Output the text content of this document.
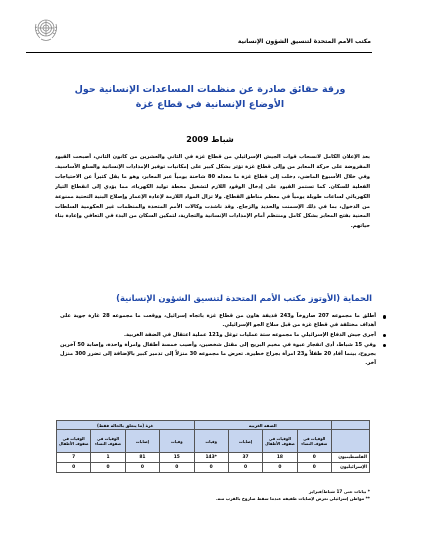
مكتب الأمم المتحدة لتنسيق الشؤون الإنسانية
ورقة حقائق صادرة عن منظمات المساعدات الإنسانية حول الأوضاع الإنسانية في قطاع غزة
شباط 2009
بعد الإعلان الكامل لانسحاب قوات الجيش الإسرائيلي من قطاع غزة في الثاني والعشرين من كانون الثاني، أصبحت القيود المفروضة على حركة المعابر من وإلى قطاع غزة تؤثر بشكل كبير على إمكانيات توفير الإمدادات الإنسانية والسلع الأساسية. وفي خلال الأسبوع الماضي، دخلت إلى قطاع غزة ما معدله 80 شاحنة يومياً عبر المعابر، وهو ما يقل كثيراً عن الاحتياجات الفعلية للسكان. كما تستمر القيود على إدخال الوقود اللازم لتشغيل محطة توليد الكهرباء، مما يؤدي إلى انقطاع التيار الكهربائي لساعات طويلة يومياً في معظم مناطق القطاع. ولا تزال المواد اللازمة لإعادة الإعمار وإصلاح البنية التحتية ممنوعة من الدخول، بما في ذلك الإسمنت والحديد والزجاج. وقد ناشدت وكالات الأمم المتحدة والمنظمات غير الحكومية السلطات المعنية بفتح المعابر بشكل كامل ومنتظم أمام الإمدادات الإنسانية والتجارية، لتمكين السكان من البدء في التعافي وإعادة بناء حياتهم.
الحماية (الأوتوز مكتب الأمم المتحدة لتنسيق الشؤون الإنسانية)
أطلق ما مجموعه 207 صاروخاً و243 قذيفة هاون من قطاع غزة باتجاه إسرائيل، ووقعت ما مجموعه 28 غارة جوية على أهداف مختلفة في قطاع غزة من قبل سلاح الجو الإسرائيلي.
أجرى جيش الدفاع الإسرائيلي ما مجموعه ستة عمليات توغل و121 عملية اعتقال في الضفة الغربية.
وفي 15 شباط، أدى انفجار عبوة في مخيم البريج إلى مقتل شخصين، وأصيب خمسة أطفال وامرأة واحدة، وإصابة 50 آخرين بجروح، بينما أفاد 20 طفلاً و23 امرأة بجراح خطيرة. تعرض ما مجموعه 30 منزلاً إلى تدمير كبير بالإضافة إلى تضرر 300 منزل آخر.
	الضفة الغربية				غزة (ما يتعلق بالحالة فقط)			
	الوفيات في صفوف النساء	الوفيات في صفوف الأطفال	إصابات	وفيات	وفيات	إصابات	الوفيات في صفوف النساء	الوفيات في صفوف الأطفال
الفلسطينيون	0	18	37	*143	15	81	1	7
الإسرائيليون	0	0	0	0	0	0	0	0
* بيانات حتى 17 شباط/فبراير
** مواطن إسرائيلي تعرض لإصابات طفيفة عندما سقط صاروخ بالقرب منه.
